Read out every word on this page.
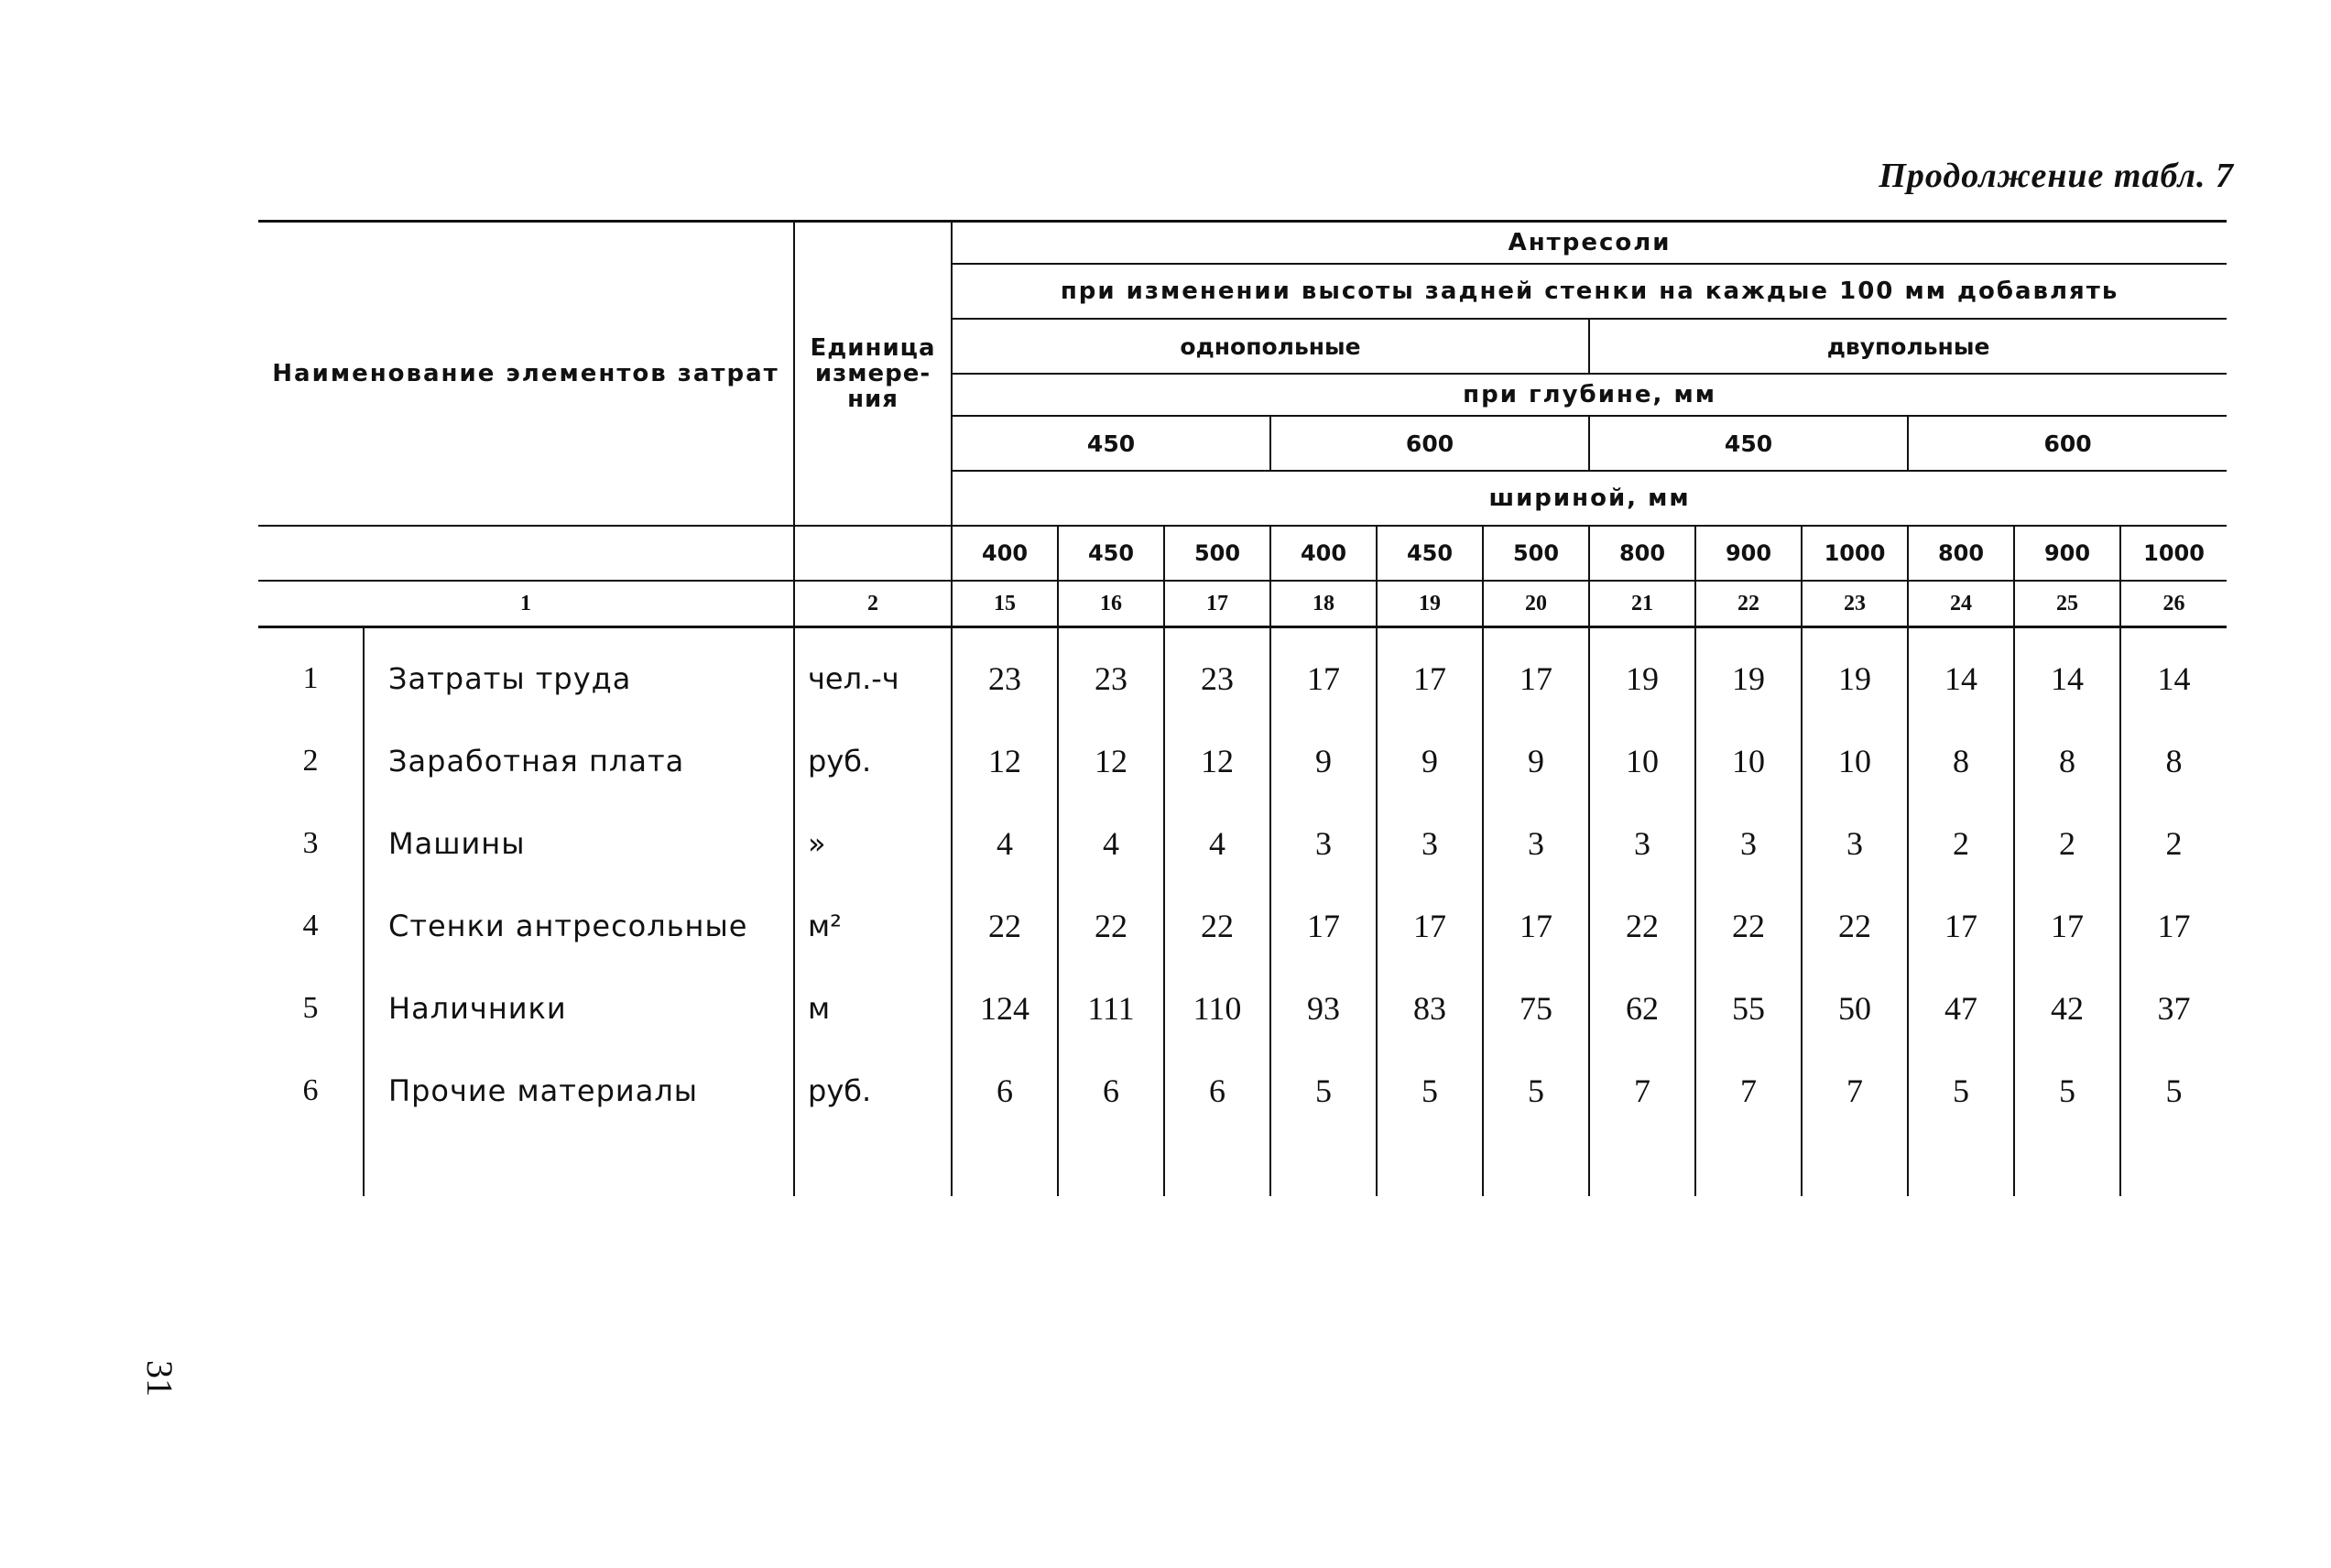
Продолжение табл. 7
Наименование элементов затрат		Единица измере-ния	Антресоли											
			при изменении высоты задней стенки на каждые 100 мм добавлять											
			однопольные						двупольные					
			при глубине, мм											
			450			600			450			600		
			шириной, мм											
			400	450	500	400	450	500	800	900	1000	800	900	1000
1		2	15	16	17	18	19	20	21	22	23	24	25	26
1	Затраты труда	чел.-ч	23	23	23	17	17	17	19	19	19	14	14	14
2	Заработная плата	руб.	12	12	12	9	9	9	10	10	10	8	8	8
3	Машины	»	4	4	4	3	3	3	3	3	3	2	2	2
4	Стенки антресольные	м²	22	22	22	17	17	17	22	22	22	17	17	17
5	Наличники	м	124	111	110	93	83	75	62	55	50	47	42	37
6	Прочие материалы	руб.	6	6	6	5	5	5	7	7	7	5	5	5

31
